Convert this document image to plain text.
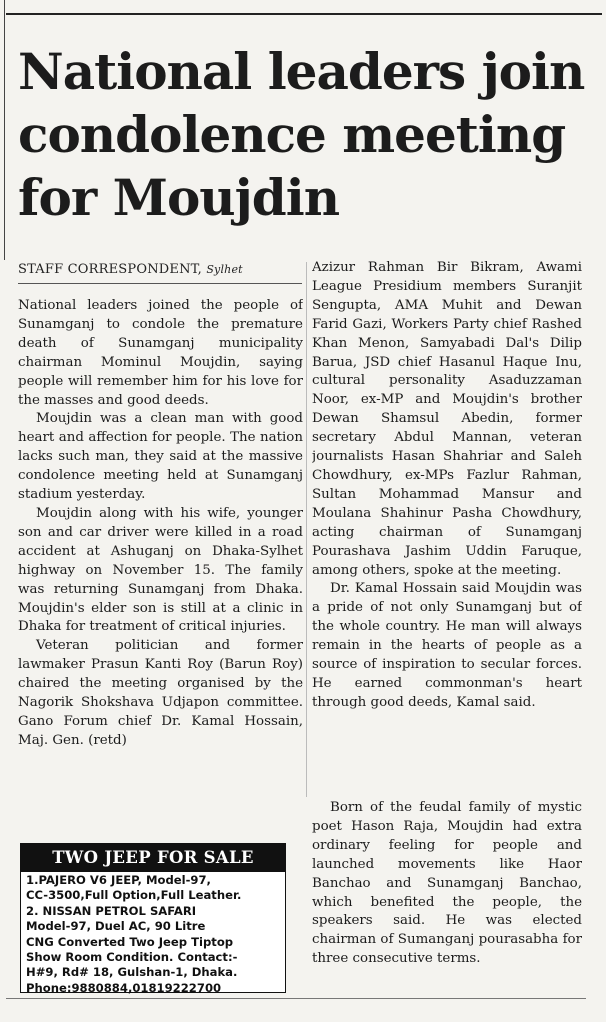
National leaders join condolence meeting for Moujdin
STAFF CORRESPONDENT, Sylhet

National leaders joined the people of Sunamganj to condole the premature death of Sunamganj municipality chairman Mominul Moujdin, saying people will remember him for his love for the masses and good deeds.

Moujdin was a clean man with good heart and affection for people. The nation lacks such man, they said at the massive condolence meeting held at Sunamganj stadium yesterday.

Moujdin along with his wife, younger son and car driver were killed in a road accident at Ashuganj on Dhaka-Sylhet highway on November 15. The family was returning Sunamganj from Dhaka. Moujdin's elder son is still at a clinic in Dhaka for treatment of critical injuries.

Veteran politician and former lawmaker Prasun Kanti Roy (Barun Roy) chaired the meeting organised by the Nagorik Shokshava Udjapon committee. Gano Forum chief Dr. Kamal Hossain, Maj. Gen. (retd)

Azizur Rahman Bir Bikram, Awami League Presidium members Suranjit Sengupta, AMA Muhit and Dewan Farid Gazi, Workers Party chief Rashed Khan Menon, Samyabadi Dal's Dilip Barua, JSD chief Hasanul Haque Inu, cultural personality Asaduzzaman Noor, ex-MP and Moujdin's brother Dewan Shamsul Abedin, former secretary Abdul Mannan, veteran journalists Hasan Shahriar and Saleh Chowdhury, ex-MPs Fazlur Rahman, Sultan Mohammad Mansur and Moulana Shahinur Pasha Chowdhury, acting chairman of Sunamganj Pourashava Jashim Uddin Faruque, among others, spoke at the meeting.

Dr. Kamal Hossain said Moujdin was a pride of not only Sunamganj but of the whole country. He man will always remain in the hearts of people as a source of inspiration to secular forces. He earned commonman's heart through good deeds, Kamal said.

Born of the feudal family of mystic poet Hason Raja, Moujdin had extra ordinary feeling for people and launched movements like Haor Banchao and Sunamganj Banchao, which benefited the people, the speakers said. He was elected chairman of Sumanganj pourasabha for three consecutive terms.

TWO JEEP FOR SALE
1.PAJERO V6 JEEP, Model-97,
CC-3500,Full Option,Full Leather.
2. NISSAN PETROL SAFARI
Model-97, Duel AC, 90 Litre
CNG Converted Two Jeep Tiptop
Show Room Condition. Contact:-
H#9, Rd# 18, Gulshan-1, Dhaka.
Phone:9880884,01819222700
